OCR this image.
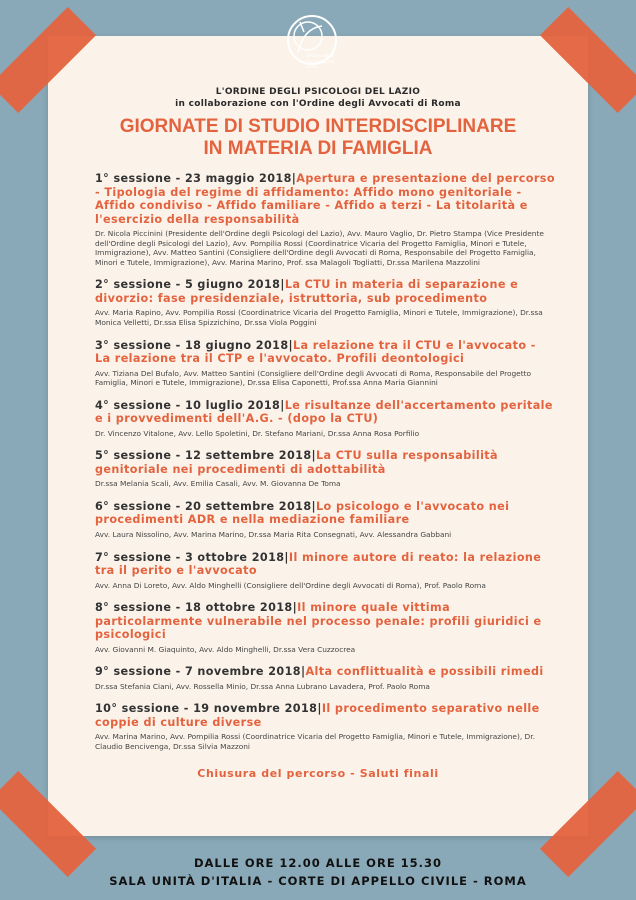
Ordine degli Psicologi del Lazio
L'ORDINE DEGLI PSICOLOGI DEL LAZIO
in collaborazione con l'Ordine degli Avvocati di Roma
GIORNATE DI STUDIO INTERDISCIPLINARE
IN MATERIA DI FAMIGLIA
1° sessione - 23 maggio 2018|Apertura e presentazione del percorso - Tipologia del regime di affidamento: Affido mono genitoriale - Affido condiviso - Affido familiare - Affido a terzi - La titolarità e l'esercizio della responsabilità
Dr. Nicola Piccinini (Presidente dell'Ordine degli Psicologi del Lazio), Avv. Mauro Vaglio, Dr. Pietro Stampa (Vice Presidente dell'Ordine degli Psicologi del Lazio), Avv. Pompilia Rossi (Coordinatrice Vicaria del Progetto Famiglia, Minori e Tutele, Immigrazione), Avv. Matteo Santini (Consigliere dell'Ordine degli Avvocati di Roma, Responsabile del Progetto Famiglia, Minori e Tutele, Immigrazione), Avv. Marina Marino, Prof. ssa Malagoli Togliatti, Dr.ssa Marilena Mazzolini
2° sessione - 5 giugno 2018|La CTU in materia di separazione e divorzio: fase presidenziale, istruttoria, sub procedimento
Avv. Maria Rapino, Avv. Pompilia Rossi (Coordinatrice Vicaria del Progetto Famiglia, Minori e Tutele, Immigrazione), Dr.ssa Monica Velletti, Dr.ssa Elisa Spizzichino, Dr.ssa Viola Poggini
3° sessione - 18 giugno 2018|La relazione tra il CTU e l'avvocato - La relazione tra il CTP e l'avvocato. Profili deontologici
Avv. Tiziana Del Bufalo, Avv. Matteo Santini (Consigliere dell'Ordine degli Avvocati di Roma, Responsabile del Progetto Famiglia, Minori e Tutele, Immigrazione), Dr.ssa Elisa Caponetti, Prof.ssa Anna Maria Giannini
4° sessione - 10 luglio 2018|Le risultanze dell'accertamento peritale e i provvedimenti dell'A.G. - (dopo la CTU)
Dr. Vincenzo Vitalone, Avv. Lello Spoletini, Dr. Stefano Mariani, Dr.ssa Anna Rosa Porfilio
5° sessione - 12 settembre 2018|La CTU sulla responsabilità genitoriale nei procedimenti di adottabilità
Dr.ssa Melania Scali, Avv. Emilia Casali, Avv. M. Giovanna De Toma
6° sessione - 20 settembre 2018|Lo psicologo e l'avvocato nei procedimenti ADR e nella mediazione familiare
Avv. Laura Nissolino, Avv. Marina Marino, Dr.ssa Maria Rita Consegnati, Avv. Alessandra Gabbani
7° sessione - 3 ottobre 2018|Il minore autore di reato: la relazione tra il perito e l'avvocato
Avv. Anna Di Loreto, Avv. Aldo Minghelli (Consigliere dell'Ordine degli Avvocati di Roma), Prof. Paolo Roma
8° sessione - 18 ottobre 2018|Il minore quale vittima particolarmente vulnerabile nel processo penale: profili giuridici e psicologici
Avv. Giovanni M. Giaquinto, Avv. Aldo Minghelli, Dr.ssa Vera Cuzzocrea
9° sessione - 7 novembre 2018|Alta conflittualità e possibili rimedi
Dr.ssa Stefania Ciani, Avv. Rossella Minio, Dr.ssa Anna Lubrano Lavadera, Prof. Paolo Roma
10° sessione - 19 novembre 2018|Il procedimento separativo nelle coppie di culture diverse
Avv. Marina Marino, Avv. Pompilia Rossi (Coordinatrice Vicaria del Progetto Famiglia, Minori e Tutele, Immigrazione), Dr. Claudio Bencivenga, Dr.ssa Silvia Mazzoni
Chiusura del percorso - Saluti finali
DALLE ORE 12.00 ALLE ORE 15.30
SALA UNITÀ D'ITALIA - CORTE DI APPELLO CIVILE - ROMA
